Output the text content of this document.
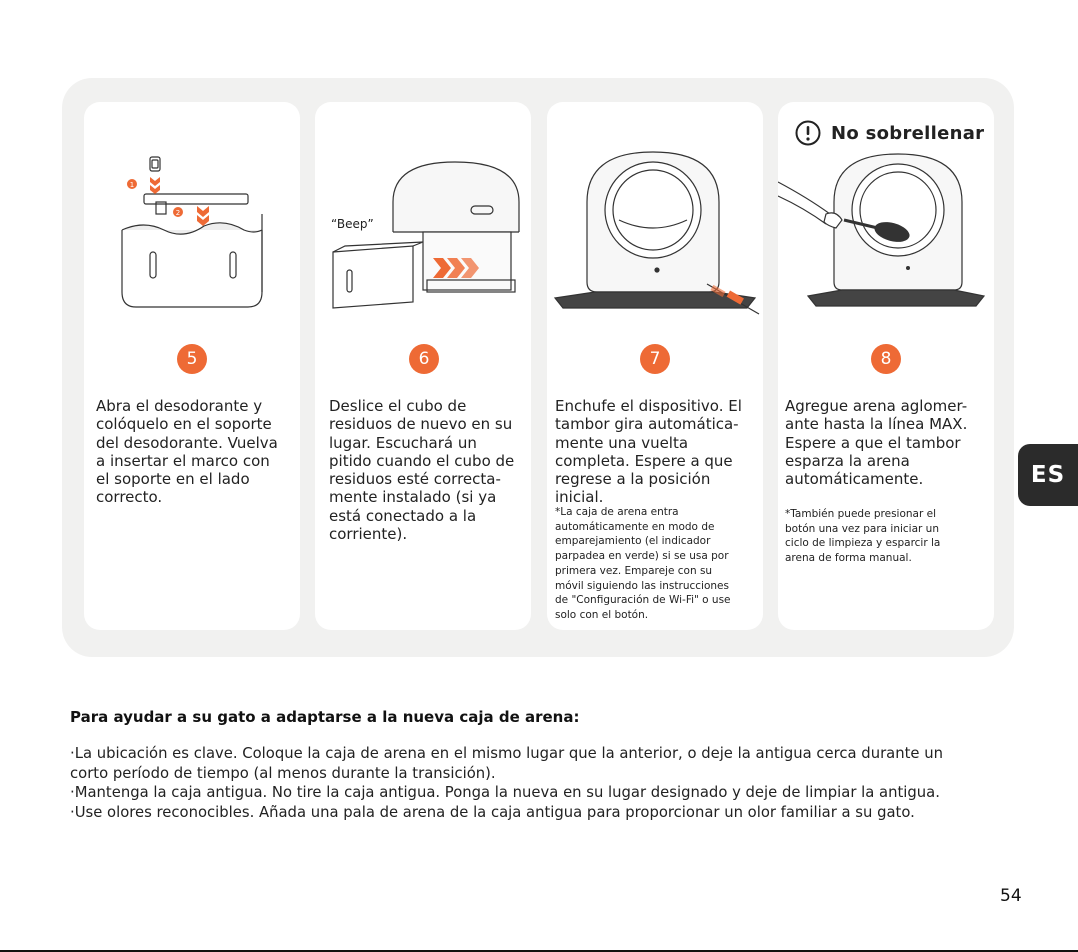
1
2
5
Abra el desodorante y
colóquelo en el soporte
del desodorante. Vuelva
a insertar el marco con
el soporte en el lado
correcto.
“Beep”
6
Deslice el cubo de
residuos de nuevo en su
lugar. Escuchará un
pitido cuando el cubo de
residuos esté correcta-
mente instalado (si ya
está conectado a la
corriente).
7
Enchufe el dispositivo. El
tambor gira automática-
mente una vuelta
completa. Espere a que
regrese a la posición
inicial.
*La caja de arena entra
automáticamente en modo de
emparejamiento (el indicador
parpadea en verde) si se usa por
primera vez. Empareje con su
móvil siguiendo las instrucciones
de "Configuración de Wi-Fi" o use
solo con el botón.
No sobrellenar
8
Agregue arena aglomer-
ante hasta la línea MAX.
Espere a que el tambor
esparza la arena
automáticamente.
*También puede presionar el
botón una vez para iniciar un
ciclo de limpieza y esparcir la
arena de forma manual.
ES
Para ayudar a su gato a adaptarse a la nueva caja de arena:
·La ubicación es clave. Coloque la caja de arena en el mismo lugar que la anterior, o deje la antigua cerca durante un
corto período de tiempo (al menos durante la transición).
·Mantenga la caja antigua. No tire la caja antigua. Ponga la nueva en su lugar designado y deje de limpiar la antigua.
·Use olores reconocibles. Añada una pala de arena de la caja antigua para proporcionar un olor familiar a su gato.
54
